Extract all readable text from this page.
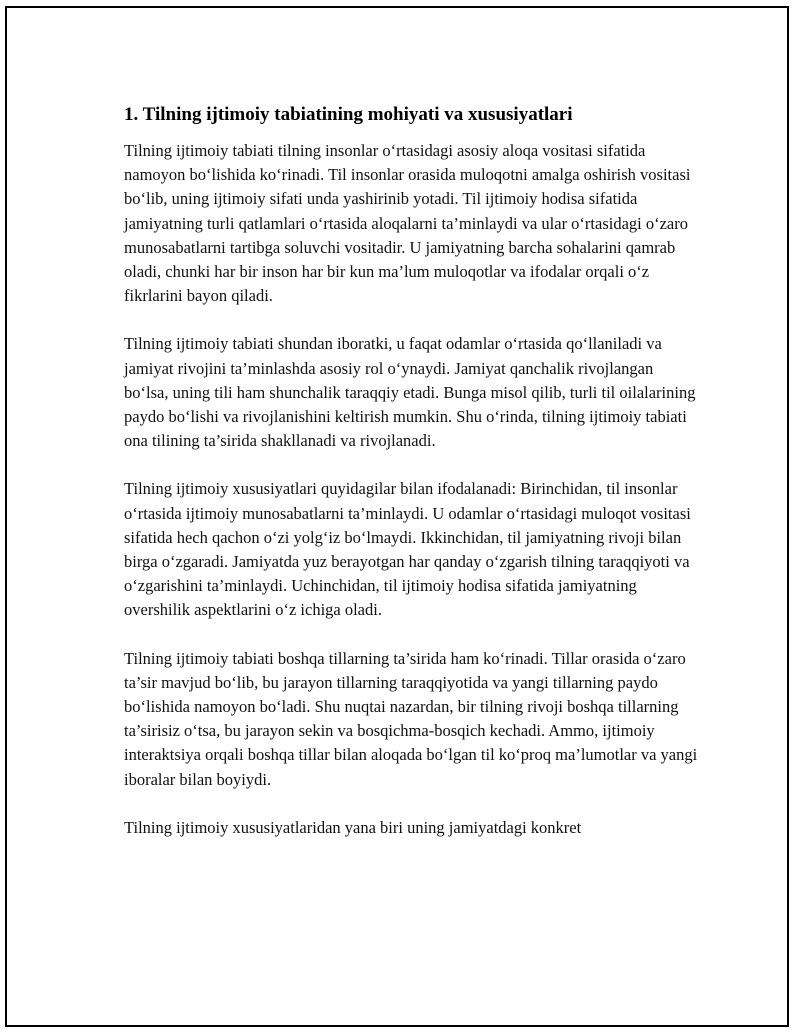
1. Tilning ijtimoiy tabiatining mohiyati va xususiyatlari

Tilning ijtimoiy tabiati tilning insonlar o‘rtasidagi asosiy aloqa vositasi sifatida namoyon bo‘lishida ko‘rinadi. Til insonlar orasida muloqotni amalga oshirish vositasi bo‘lib, uning ijtimoiy sifati unda yashirinib yotadi. Til ijtimoiy hodisa sifatida jamiyatning turli qatlamlari o‘rtasida aloqalarni ta’minlaydi va ular o‘rtasidagi o‘zaro munosabatlarni tartibga soluvchi vositadir. U jamiyatning barcha sohalarini qamrab oladi, chunki har bir inson har bir kun ma’lum muloqotlar va ifodalar orqali o‘z fikrlarini bayon qiladi.

Tilning ijtimoiy tabiati shundan iboratki, u faqat odamlar o‘rtasida qo‘llaniladi va jamiyat rivojini ta’minlashda asosiy rol o‘ynaydi. Jamiyat qanchalik rivojlangan bo‘lsa, uning tili ham shunchalik taraqqiy etadi. Bunga misol qilib, turli til oilalarining paydo bo‘lishi va rivojlanishini keltirish mumkin. Shu o‘rinda, tilning ijtimoiy tabiati ona tilining ta’sirida shakllanadi va rivojlanadi.

Tilning ijtimoiy xususiyatlari quyidagilar bilan ifodalanadi: Birinchidan, til insonlar o‘rtasida ijtimoiy munosabatlarni ta’minlaydi. U odamlar o‘rtasidagi muloqot vositasi sifatida hech qachon o‘zi yolg‘iz bo‘lmaydi. Ikkinchidan, til jamiyatning rivoji bilan birga o‘zgaradi. Jamiyatda yuz berayotgan har qanday o‘zgarish tilning taraqqiyoti va o‘zgarishini ta’minlaydi. Uchinchidan, til ijtimoiy hodisa sifatida jamiyatning overshilik aspektlarini o‘z ichiga oladi.

Tilning ijtimoiy tabiati boshqa tillarning ta’sirida ham ko‘rinadi. Tillar orasida o‘zaro ta’sir mavjud bo‘lib, bu jarayon tillarning taraqqiyotida va yangi tillarning paydo bo‘lishida namoyon bo‘ladi. Shu nuqtai nazardan, bir tilning rivoji boshqa tillarning ta’sirisiz o‘tsa, bu jarayon sekin va bosqichma-bosqich kechadi. Ammo, ijtimoiy interaktsiya orqali boshqa tillar bilan aloqada bo‘lgan til ko‘proq ma’lumotlar va yangi iboralar bilan boyiydi.

Tilning ijtimoiy xususiyatlaridan yana biri uning jamiyatdagi konkret
